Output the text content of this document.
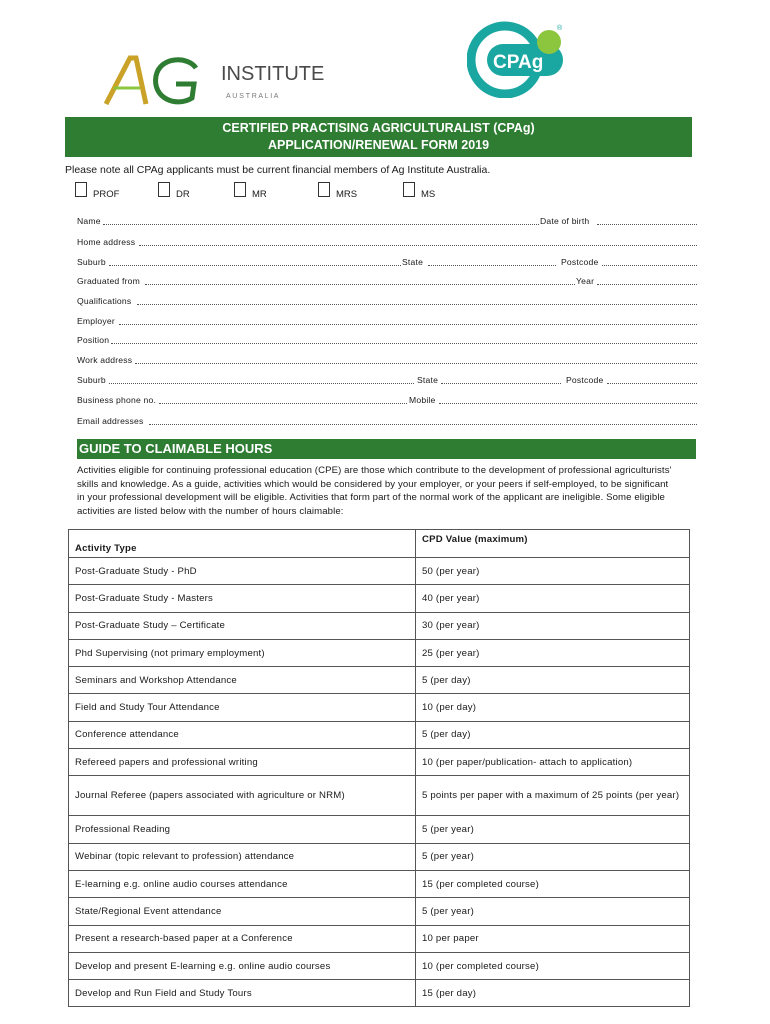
INSTITUTE
A U S T R A L I A
CPAg
®
CERTIFIED PRACTISING AGRICULTURALIST (CPAg)
APPLICATION/RENEWAL FORM 2019
Please note all CPAg applicants must be current financial members of Ag Institute Australia.
PROF	DR	MR	MRS	MS
Name	Date of birth
Home address
Suburb	State	Postcode
Graduated from	Year
Qualifications
Employer
Position
Work address
Suburb	State	Postcode
Business phone no.	Mobile
Email addresses
GUIDE TO CLAIMABLE HOURS
Activities eligible for continuing professional education (CPE) are those which contribute to the development of professional agriculturists' skills and knowledge. As a guide, activities which would be considered by your employer, or your peers if self-employed, to be significant in your professional development will be eligible. Activities that form part of the normal work of the applicant are ineligible. Some eligible activities are listed below with the number of hours claimable:
Activity Type	CPD Value (maximum)
Post-Graduate Study - PhD	50 (per year)
Post-Graduate Study - Masters	40 (per year)
Post-Graduate Study – Certificate	30 (per year)
Phd Supervising (not primary employment)	25 (per year)
Seminars and Workshop Attendance	5 (per day)
Field and Study Tour Attendance	10 (per day)
Conference attendance	5 (per day)
Refereed papers and professional writing	10 (per paper/publication- attach to application)
Journal Referee (papers associated with agriculture or NRM)	5 points per paper with a maximum of 25 points (per year)
Professional Reading	5 (per year)
Webinar (topic relevant to profession) attendance	5 (per year)
E-learning e.g. online audio courses attendance	15 (per completed course)
State/Regional Event attendance	5 (per year)
Present a research-based paper at a Conference	10 per paper
Develop and present E-learning e.g. online audio courses	10 (per completed course)
Develop and Run Field and Study Tours	15 (per day)
